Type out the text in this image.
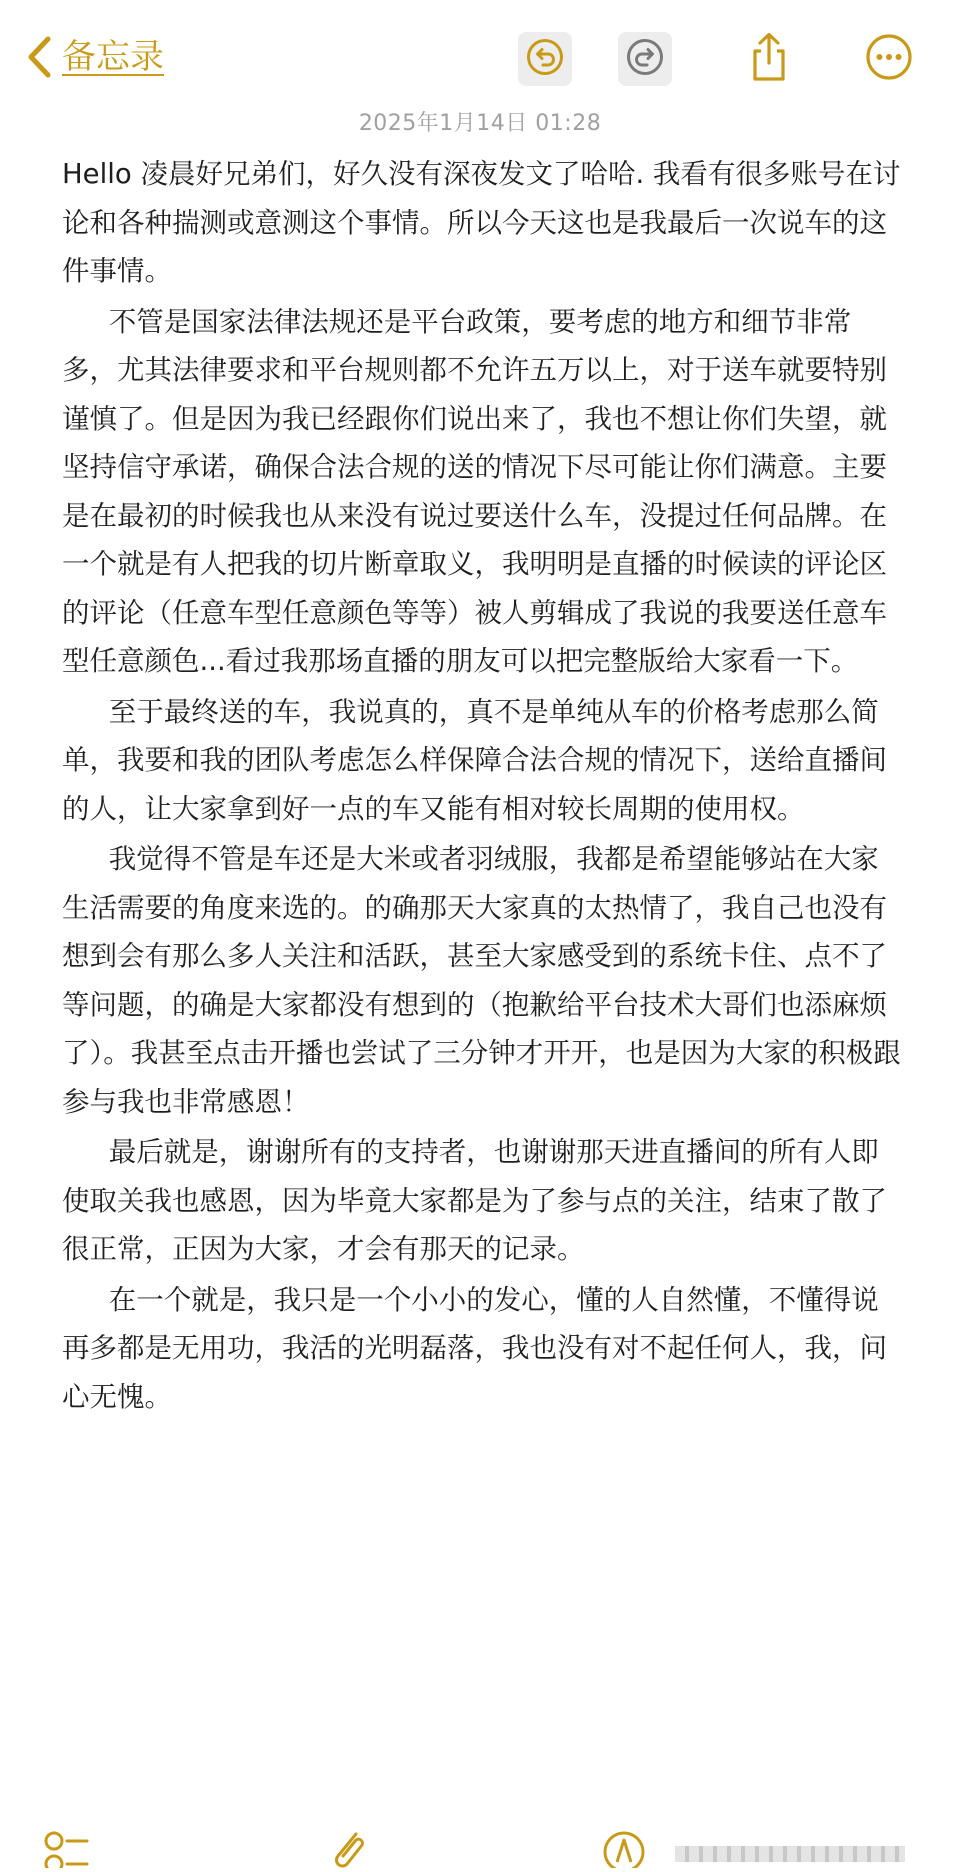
备忘录
2025年1月14日 01:28

Hello 凌晨好兄弟们，好久没有深夜发文了哈哈. 我看有很多账号在讨论和各种揣测或意测这个事情。所以今天这也是我最后一次说车的这件事情。

不管是国家法律法规还是平台政策，要考虑的地方和细节非常多，尤其法律要求和平台规则都不允许五万以上，对于送车就要特别谨慎了。但是因为我已经跟你们说出来了，我也不想让你们失望，就坚持信守承诺，确保合法合规的送的情况下尽可能让你们满意。主要是在最初的时候我也从来没有说过要送什么车，没提过任何品牌。在一个就是有人把我的切片断章取义，我明明是直播的时候读的评论区的评论（任意车型任意颜色等等）被人剪辑成了我说的我要送任意车型任意颜色...看过我那场直播的朋友可以把完整版给大家看一下。

至于最终送的车，我说真的，真不是单纯从车的价格考虑那么简单，我要和我的团队考虑怎么样保障合法合规的情况下，送给直播间的人，让大家拿到好一点的车又能有相对较长周期的使用权。

我觉得不管是车还是大米或者羽绒服，我都是希望能够站在大家生活需要的角度来选的。的确那天大家真的太热情了，我自己也没有想到会有那么多人关注和活跃，甚至大家感受到的系统卡住、点不了等问题，的确是大家都没有想到的（抱歉给平台技术大哥们也添麻烦了）。我甚至点击开播也尝试了三分钟才开开，也是因为大家的积极跟参与我也非常感恩！

最后就是，谢谢所有的支持者，也谢谢那天进直播间的所有人即使取关我也感恩，因为毕竟大家都是为了参与点的关注，结束了散了很正常，正因为大家，才会有那天的记录。

在一个就是，我只是一个小小的发心，懂的人自然懂，不懂得说再多都是无用功，我活的光明磊落，我也没有对不起任何人，我，问心无愧。
